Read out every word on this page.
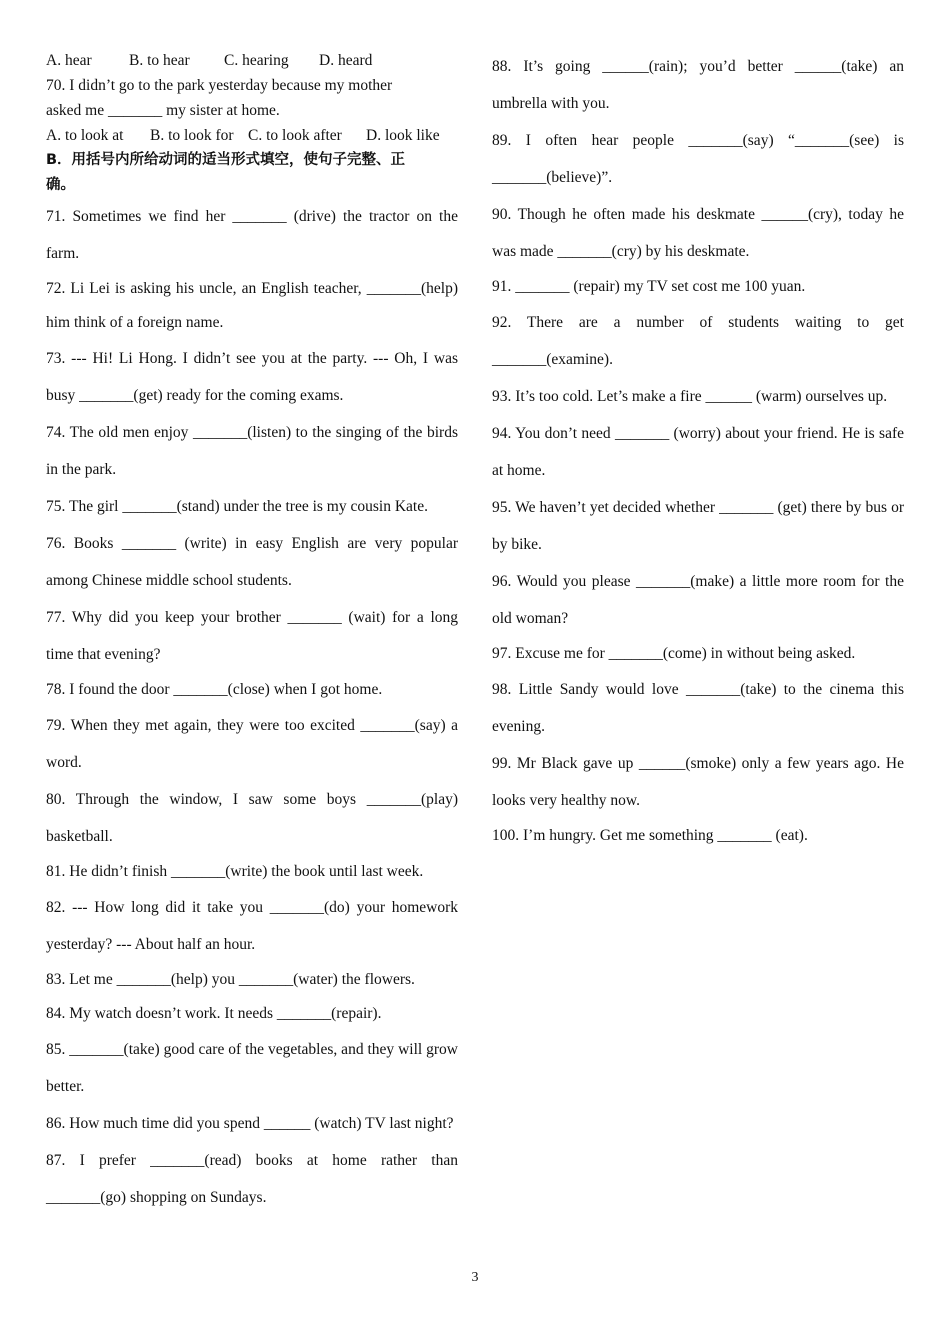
A. hear	B. to hear	C. hearing	D. heard
70. I didn’t go to the park yesterday because my mother
asked me _______ my sister at home.
A. to look at	B. to look for C. to look after	D. look like
B．用括号内所给动词的适当形式填空，使句子完整、正
确。
71. Sometimes we find her _______ (drive) the tractor on the farm.
72. Li Lei is asking his uncle, an English teacher, _______(help) him think of a foreign name.
73. --- Hi! Li Hong. I didn’t see you at the party. --- Oh, I was busy _______(get) ready for the coming exams.
74. The old men enjoy _______(listen) to the singing of the birds in the park.
75. The girl _______(stand) under the tree is my cousin Kate.
76. Books _______ (write) in easy English are very popular among Chinese middle school students.
77. Why did you keep your brother _______ (wait) for a long time that evening?
78. I found the door _______(close) when I got home.
79. When they met again, they were too excited _______(say) a word.
80. Through the window, I saw some boys _______(play) basketball.
81. He didn’t finish _______(write) the book until last week.
82. --- How long did it take you _______(do) your homework yesterday? --- About half an hour.
83. Let me _______(help) you _______(water) the flowers.
84. My watch doesn’t work. It needs _______(repair).
85. _______(take) good care of the vegetables, and they will grow better.
86. How much time did you spend ______ (watch) TV last night?
87. I prefer _______(read) books at home rather than _______(go) shopping on Sundays.
88. It’s going ______(rain); you’d better ______(take) an umbrella with you.
89. I often hear people _______(say) “_______(see) is _______(believe)”.
90. Though he often made his deskmate ______(cry), today he was made _______(cry) by his deskmate.
91. _______ (repair) my TV set cost me 100 yuan.
92. There are a number of students waiting to get _______(examine).
93. It’s too cold. Let’s make a fire ______ (warm) ourselves up.
94. You don’t need _______ (worry) about your friend. He is safe at home.
95. We haven’t yet decided whether _______ (get) there by bus or by bike.
96. Would you please _______(make) a little more room for the old woman?
97. Excuse me for _______(come) in without being asked.
98. Little Sandy would love _______(take) to the cinema this evening.
99. Mr Black gave up ______(smoke) only a few years ago. He looks very healthy now.
100. I’m hungry. Get me something _______ (eat).
3
